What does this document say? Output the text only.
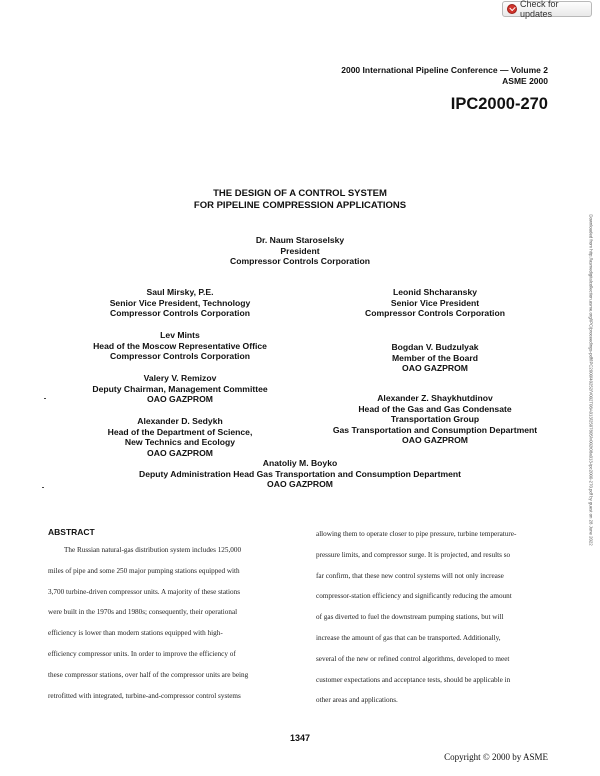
Check for updates
2000 International Pipeline Conference — Volume 2
ASME 2000
IPC2000-270
Downloaded from http://asmedigitalcollection.asme.org/IPC/proceedings-pdf/IPC2000/40252/V002T08A013/2507805/v002t08a013-ipc2000-270.pdf by guest on 28 June 2022
THE DESIGN OF A CONTROL SYSTEM
FOR PIPELINE COMPRESSION APPLICATIONS
Dr. Naum Staroselsky
President
Compressor Controls Corporation
Saul Mirsky, P.E.
Senior Vice President, Technology
Compressor Controls Corporation
Lev Mints
Head of the Moscow Representative Office
Compressor Controls Corporation
Valery V. Remizov
Deputy Chairman, Management Committee
OAO GAZPROM
Alexander D. Sedykh
Head of the Department of Science,
New Technics and Ecology
OAO GAZPROM
Leonid Shcharansky
Senior Vice President
Compressor Controls Corporation
Bogdan V. Budzulyak
Member of the Board
OAO GAZPROM
Alexander Z. Shaykhutdinov
Head of the Gas and Gas Condensate
Transportation Group
Gas Transportation and Consumption Department
OAO GAZPROM
Anatoliy M. Boyko
Deputy Administration Head Gas Transportation and Consumption Department
OAO GAZPROM
ABSTRACT

The Russian natural-gas distribution system includes 125,000

miles of pipe and some 250 major pumping stations equipped with

3,700 turbine-driven compressor units. A majority of these stations

were built in the 1970s and 1980s; consequently, their operational

efficiency is lower than modern stations equipped with high-

efficiency compressor units. In order to improve the efficiency of

these compressor stations, over half of the compressor units are being

retrofitted with integrated, turbine-and-compressor control systems

allowing them to operate closer to pipe pressure, turbine temperature-

pressure limits, and compressor surge. It is projected, and results so

far confirm, that these new control systems will not only increase

compressor-station efficiency and significantly reducing the amount

of gas diverted to fuel the downstream pumping stations, but will

increase the amount of gas that can be transported. Additionally,

several of the new or refined control algorithms, developed to meet

customer expectations and acceptance tests, should be applicable in

other areas and applications.

1347
Copyright © 2000 by ASME
